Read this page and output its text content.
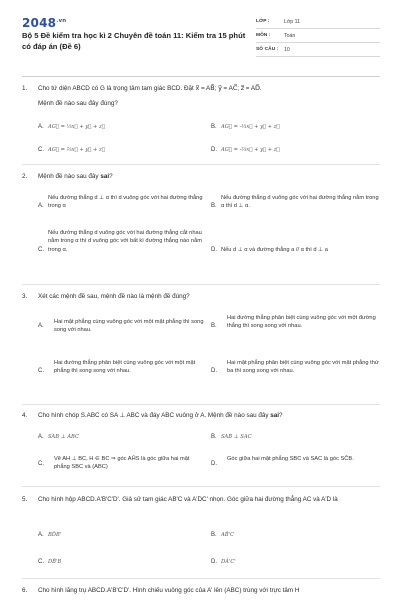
$2048^{.vn}$
Bộ 5 Đề kiểm tra học kì 2 Chuyên đề toán 11: Kiểm tra 15 phút có đáp án (Đề 6)
LỚP :	Lớp 11
MÔN :	Toán
SỐ CÂU :	10
1.	Cho tứ diện ABCD có G là trọng tâm tam giác BCD. Đặt x⃗ = AB⃗; y⃗ = AC⃗; z⃗ = AD⃗.
Mệnh đề nào sau đây đúng?
A. AG⃗ = ⅓x⃗ + y⃗ + z⃗	B. AG⃗ = -⅓x⃗ + y⃗ + z⃗
C. AG⃗ = ⅔x⃗ + y⃗ + z⃗	D. AG⃗ = -⅔x⃗ + y⃗ + z⃗
2.	Mệnh đề nào sau đây sai?
A.
Nếu đường thẳng d ⊥ α thì d vuông góc với hai đường thẳng trong α	B.
Nếu đường thẳng d vuông góc với hai đường thẳng nằm trong α thì d ⊥ α.
C.
Nếu đường thẳng d vuông góc với hai đường thẳng cắt nhau nằm trong α thì d vuông góc với bất kì đường thẳng nào nằm trong α.	D. Nếu d ⊥ α và đường thẳng a // α thì d ⊥ a
3.	Xét các mệnh đề sau, mệnh đề nào là mệnh đề đúng?
A.
Hai mặt phẳng cùng vuông góc với một mặt phẳng thì song song với nhau.
B.
Hai đường thẳng phân biệt cùng vuông góc với một đường thẳng thì song song với nhau.
C.
Hai đường thẳng phân biệt cùng vuông góc với một mặt phẳng thì song song với nhau.	D.
Hai mặt phẳng phân biệt cùng vuông góc với mặt phẳng thứ ba thì song song với nhau.
4.	Cho hình chóp S.ABC có SA ⊥ ABC và đáy ABC vuông ở A. Mệnh đề nào sau đây sai?
A. SAB ⊥ ABC	B. SAB ⊥ SAC
C.
Vẽ AH ⊥ BC, H ∈ BC ⇒ góc AĤS là góc giữa hai mặt phẳng SBC và (ABC)
D.
Góc giữa hai mặt phẳng SBC và SAC là góc SĈB.
5.	Cho hình hộp ABCD.A'B'C'D'. Giả sử tam giác AB'C và A'DC' nhọn. Góc giữa hai đường thẳng AC và A'D là
A. BD̂B'	B. AB̂'C
C. DB̂'B	D. DÂ'C'
6.	Cho hình lăng trụ ABCD.A'B'C'D'. Hình chiếu vuông góc của A' lên (ABC) trùng với trực tâm H
